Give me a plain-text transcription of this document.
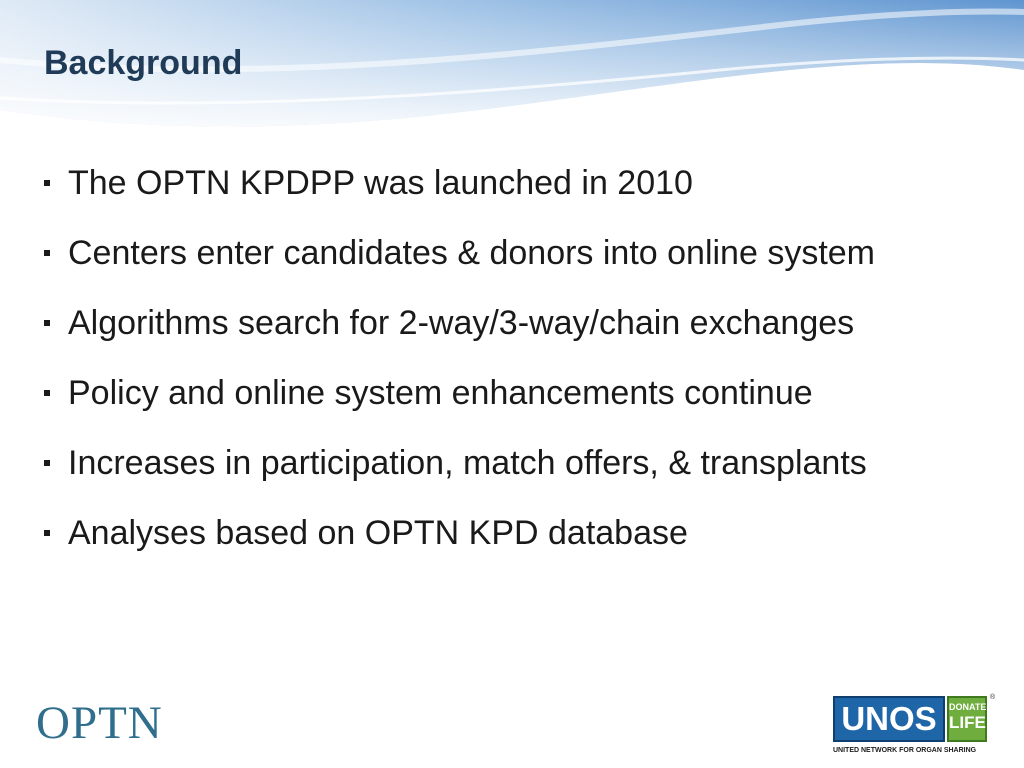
Background
The OPTN KPDPP was launched in 2010
Centers enter candidates & donors into online system
Algorithms search for 2-way/3-way/chain exchanges
Policy and online system enhancements continue
Increases in participation, match offers, & transplants
Analyses based on OPTN KPD database
OPTN	UNOS	DONATE
LIFE
®
UNITED NETWORK FOR ORGAN SHARING
